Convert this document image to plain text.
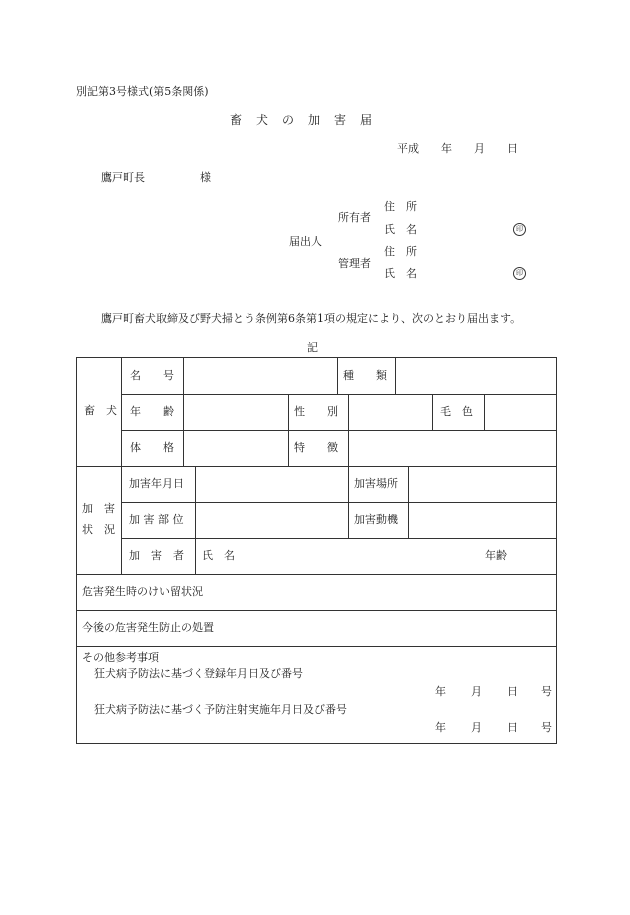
別記第3号様式(第5条関係)
畜　犬　の　加　害　届
平成　　年　　月　　日
鷹戸町長　　　　　様
届出人
所有者
住　所
氏　名	印
管理者
住　所
氏　名	印
鷹戸町畜犬取締及び野犬掃とう条例第6条第1項の規定により、次のとおり届出ます。
記
畜　犬
名　　号	種　　類
年　　齢	性　　別	毛　色
体　　格	特　　徴
加　害
状　況
加害年月日	加害場所
加 害 部 位	加害動機
加　害　者 氏　名	年齢
危害発生時のけい留状況
今後の危害発生防止の処置
その他参考事項
狂犬病予防法に基づく登録年月日及び番号
年 月 日 号
狂犬病予防法に基づく予防注射実施年月日及び番号
年 月 日 号
